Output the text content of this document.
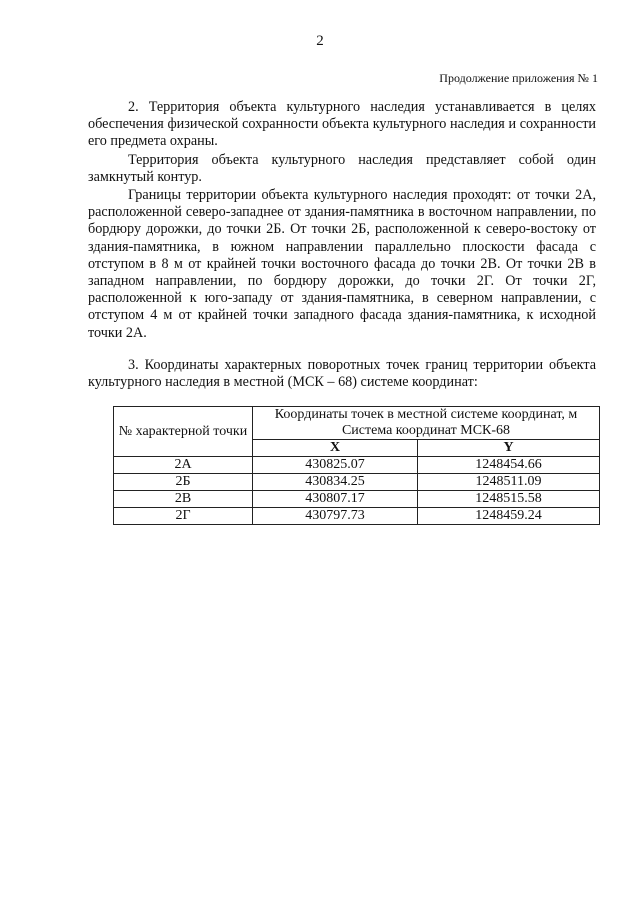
2
Продолжение приложения № 1

2. Территория объекта культурного наследия устанавливается в целях обеспечения физической сохранности объекта культурного наследия и сохранности его предмета охраны.

Территория объекта культурного наследия представляет собой один замкнутый контур.

Границы территории объекта культурного наследия проходят: от точки 2А, расположенной северо-западнее от здания-памятника в восточном направлении, по бордюру дорожки, до точки 2Б. От точки 2Б, расположенной к северо-востоку от здания-памятника, в южном направлении параллельно плоскости фасада с отступом в 8 м от крайней точки восточного фасада до точки 2В. От точки 2В в западном направлении, по бордюру дорожки, до точки 2Г. От точки 2Г, расположенной к юго-западу от здания-памятника, в северном направлении, с отступом 4 м от крайней точки западного фасада здания-памятника, к исходной точки 2А.

3. Координаты характерных поворотных точек границ территории объекта культурного наследия в местной (МСК – 68) системе координат:

№ характерной точки	Координаты точек в местной системе координат, м Система координат МСК-68	
	X	Y
2А	430825.07	1248454.66
2Б	430834.25	1248511.09
2В	430807.17	1248515.58
2Г	430797.73	1248459.24
